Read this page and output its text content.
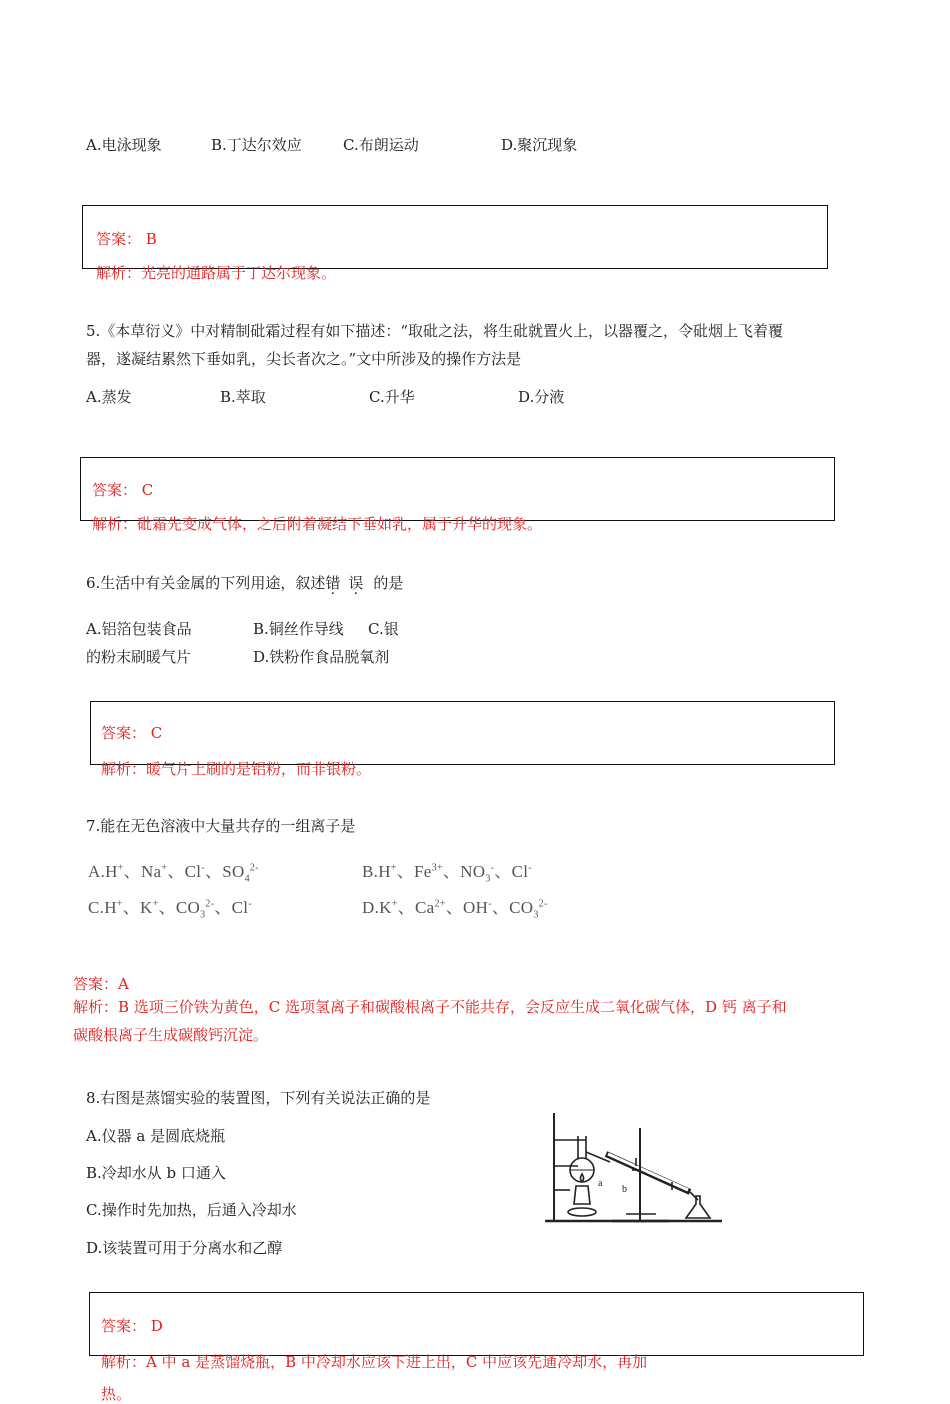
A.电泳现象	B.丁达尔效应	C.布朗运动	D.聚沉现象
答案： B
解析：光亮的通路属于丁达尔现象。
5.《本草衍义》中对精制砒霜过程有如下描述：“取砒之法，将生砒就置火上，以器覆之，令砒烟上飞着覆
器，遂凝结累然下垂如乳，尖长者次之。”文中所涉及的操作方法是
A.蒸发	B.萃取	C.升华	D.分液
答案： C
解析：砒霜先变成气体，之后附着凝结下垂如乳，属于升华的现象。
6.生活中有关金属的下列用途，叙述错 误 的是
A.铝箔包装食品	B.铜丝作导线 C.银
的粉末刷暖气片	D.铁粉作食品脱氧剂
答案： C
解析：暖气片上刷的是铝粉，而非银粉。
7.能在无色溶液中大量共存的一组离子是
A.H+、Na+、Cl-、$SO_4^{2-}$	B.H+、$Fe^{3+}$、$NO_3^-$、Cl-
C.H+、K+、$CO_3^{2-}$、Cl-	D.K+、$Ca^{2+}$、OH-、$CO_3^{2-}$
答案：A
解析：B 选项三价铁为黄色，C 选项氢离子和碳酸根离子不能共存，会反应生成二氧化碳气体，D 钙 离子和
碳酸根离子生成碳酸钙沉淀。
8.右图是蒸馏实验的装置图，下列有关说法正确的是
A.仪器 a 是圆底烧瓶
B.冷却水从 b 口通入
C.操作时先加热，后通入冷却水
D.该装置可用于分离水和乙醇
a
b
答案： D
解析：A 中 a 是蒸馏烧瓶，B 中冷却水应该下进上出，C 中应该先通冷却水，再加
热。
